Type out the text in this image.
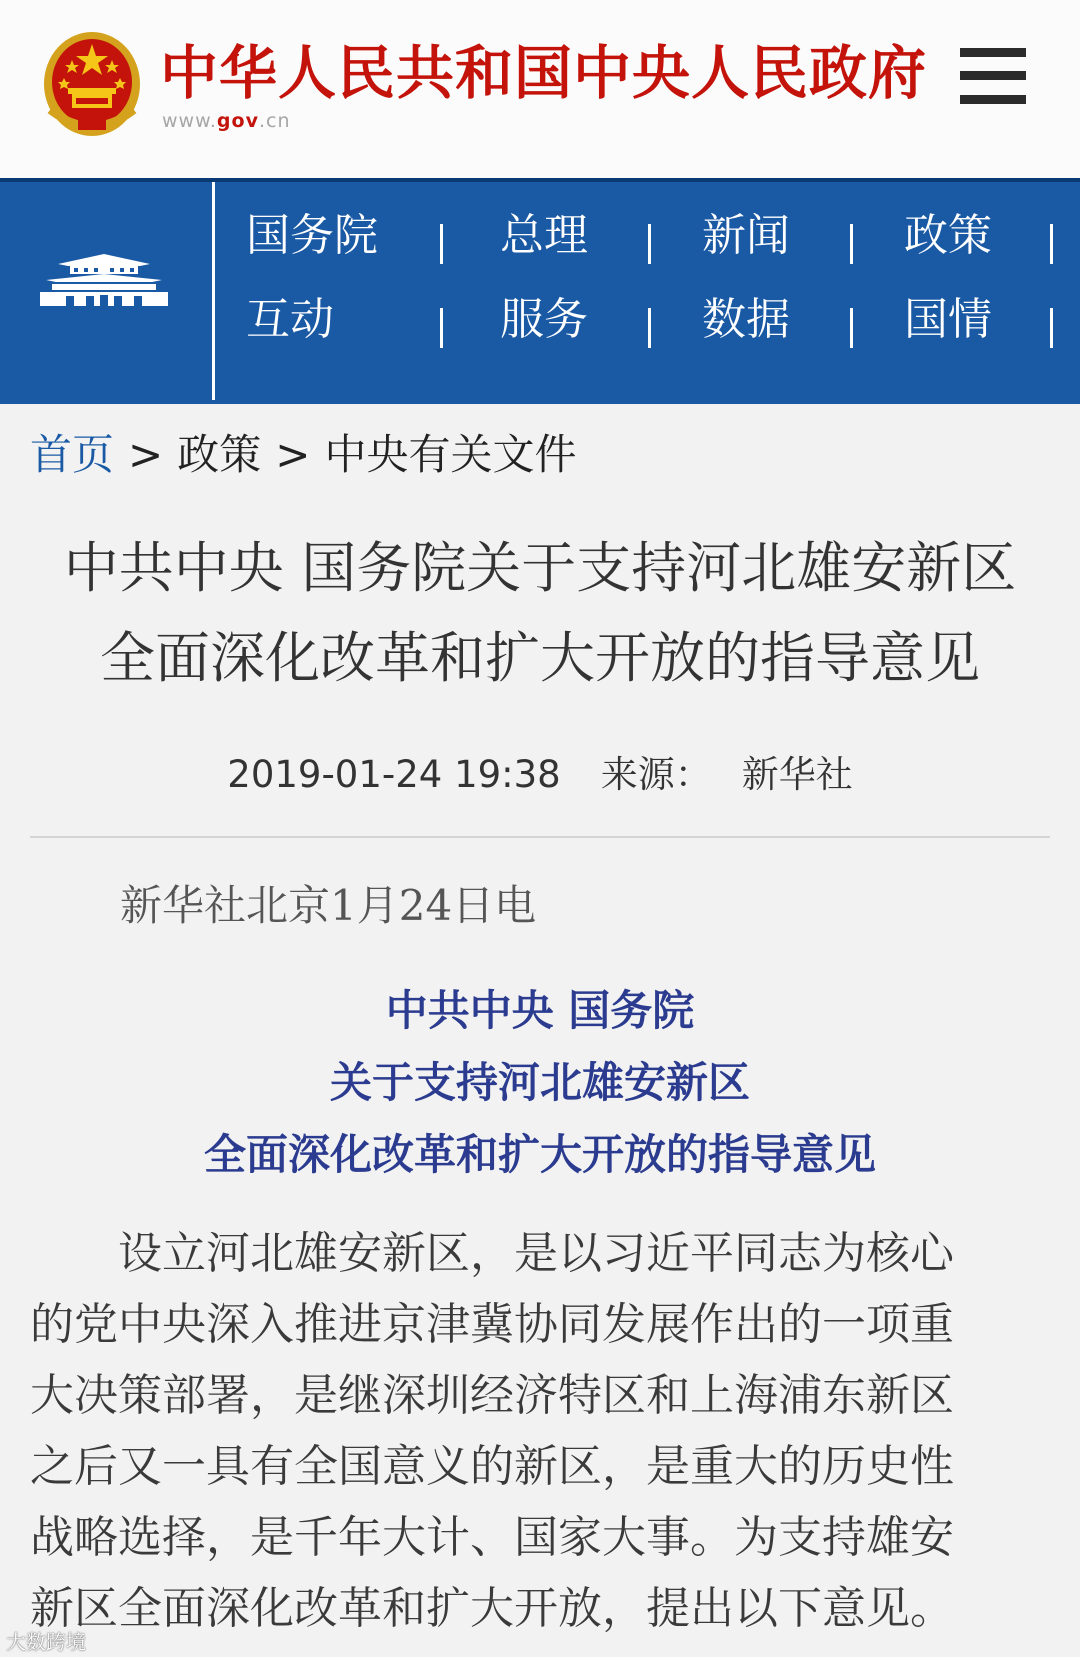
中华人民共和国中央人民政府
www.gov.cn
国务院	总理	新闻	政策
互动	服务	数据	国情
首页 > 政策 > 中央有关文件
中共中央 国务院关于支持河北雄安新区
全面深化改革和扩大开放的指导意见
2019-01-24 19:38 来源： 新华社
新华社北京1月24日电
中共中央 国务院
关于支持河北雄安新区
全面深化改革和扩大开放的指导意见
　　设立河北雄安新区，是以习近平同志为核心
的党中央深入推进京津冀协同发展作出的一项重
大决策部署，是继深圳经济特区和上海浦东新区
之后又一具有全国意义的新区，是重大的历史性
战略选择，是千年大计、国家大事。为支持雄安
新区全面深化改革和扩大开放，提出以下意见。
大数跨境
